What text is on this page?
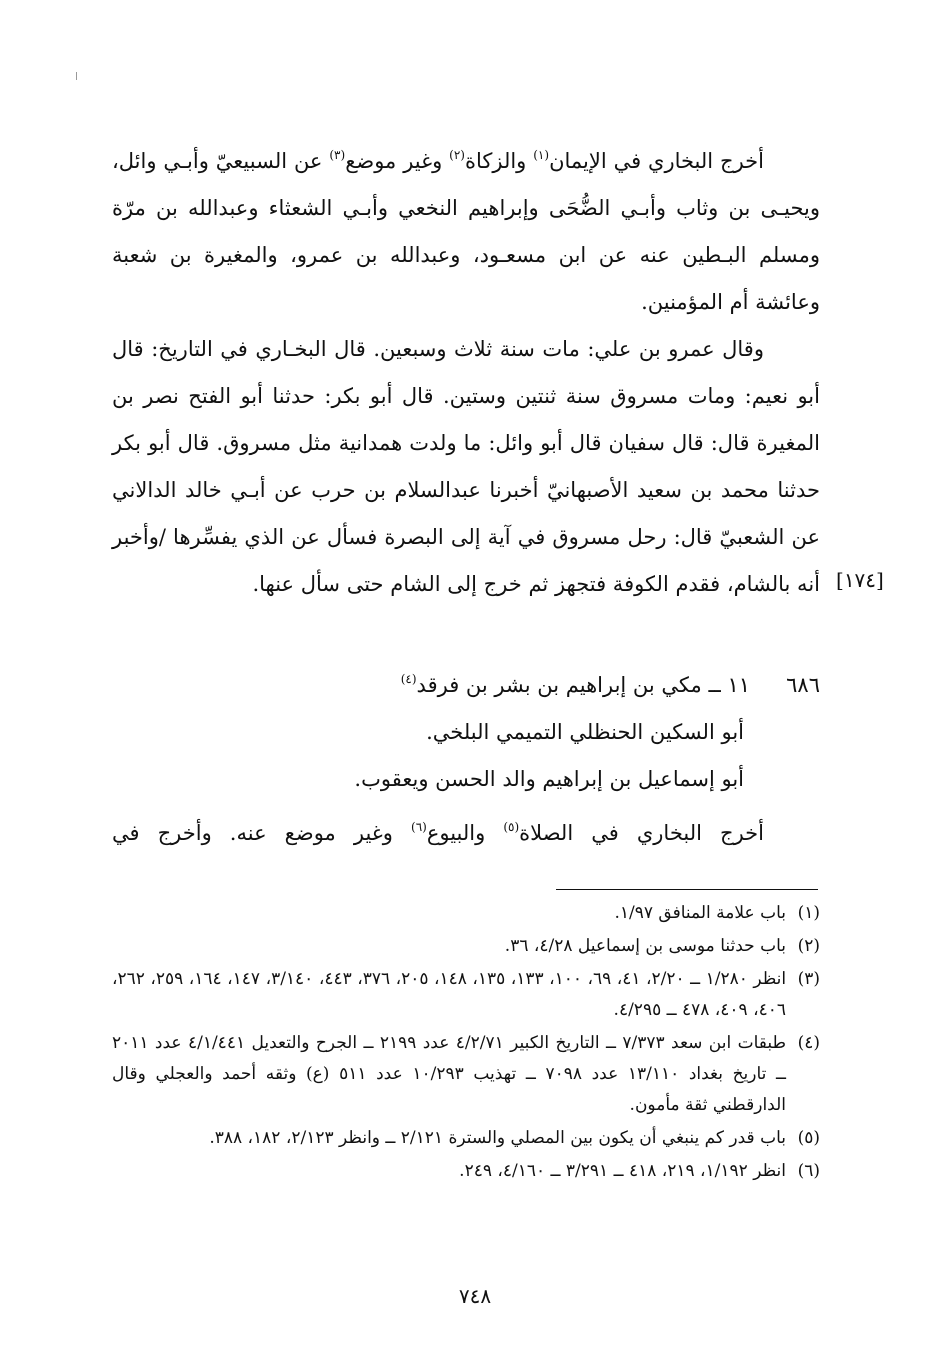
أخرج البخاري في الإيمان$^{(١)}$ والزكاة$^{(٢)}$ وغير موضع$^{(٣)}$ عن السبيعيّ وأبـي وائل، ويحيـى بن وثاب وأبـي الضُّحَى وإبراهيم النخعي وأبـي الشعثاء وعبدالله بن مرّة ومسلم البـطين عنه عن ابن مسعـود، وعبدالله بن عمرو، والمغيرة بن شعبة وعائشة أم المؤمنين.

وقال عمرو بن علي: مات سنة ثلاث وسبعين. قال البخـاري في التاريخ: قال أبو نعيم: ومات مسروق سنة ثنتين وستين. قال أبو بكر: حدثنا أبو الفتح نصر بن المغيرة قال: قال سفيان قال أبو وائل: ما ولدت همدانية مثل مسروق. قال أبو بكر حدثنا محمد بن سعيد الأصبهانيّ أخبرنا عبدالسلام بن حرب عن أبـي خالد الدالاني عن الشعبيّ قال: رحل مسروق في آية إلى البصرة فسأل عن الذي يفسِّرها /وأخبر أنه بالشام، فقدم الكوفة فتجهز ثم خرج إلى الشام حتى سأل عنها. [١٧٤]
٦٨٦١١ ــ مكي بن إبراهيم بن بشر بن فرقد$^{(٤)}$
أبو السكين الحنظلي التميمي البلخي.
أبو إسماعيل بن إبراهيم والد الحسن ويعقوب.

أخرج البخاري في الصلاة$^{(٥)}$ والبيوع$^{(٦)}$ وغير موضع عنه. وأخرج في

(١)
باب علامة المنافق ١/٩٧.
(٢)
باب حدثنا موسى بن إسماعيل ٤/٢٨، ٣٦.
(٣)
انظر ١/٢٨٠ ــ ٢/٢٠، ٤١، ٦٩، ١٠٠، ١٣٣، ١٣٥، ١٤٨، ٢٠٥، ٣٧٦، ٤٤٣، ٣/١٤٠، ١٤٧، ١٦٤، ٢٥٩، ٢٦٢، ٤٠٦، ٤٠٩، ٤٧٨ ــ ٤/٢٩٥.
(٤)
طبقات ابن سعد ٧/٣٧٣ ــ التاريخ الكبير ٤/٢/٧١ عدد ٢١٩٩ ــ الجرح والتعديل ٤/١/٤٤١ عدد ٢٠١١ ــ تاريخ بغداد ١٣/١١٠ عدد ٧٠٩٨ ــ تهذيب ١٠/٢٩٣ عدد ٥١١ (ع) وثقه أحمد والعجلي وقال الدارقطني ثقة مأمون.
(٥)
باب قدر كم ينبغي أن يكون بين المصلي والسترة ٢/١٢١ ــ وانظر ٢/١٢٣، ١٨٢، ٣٨٨.
(٦)
انظر ١/١٩٢، ٢١٩، ٤١٨ ــ ٣/٢٩١ ــ ٤/١٦٠، ٢٤٩.
٧٤٨
